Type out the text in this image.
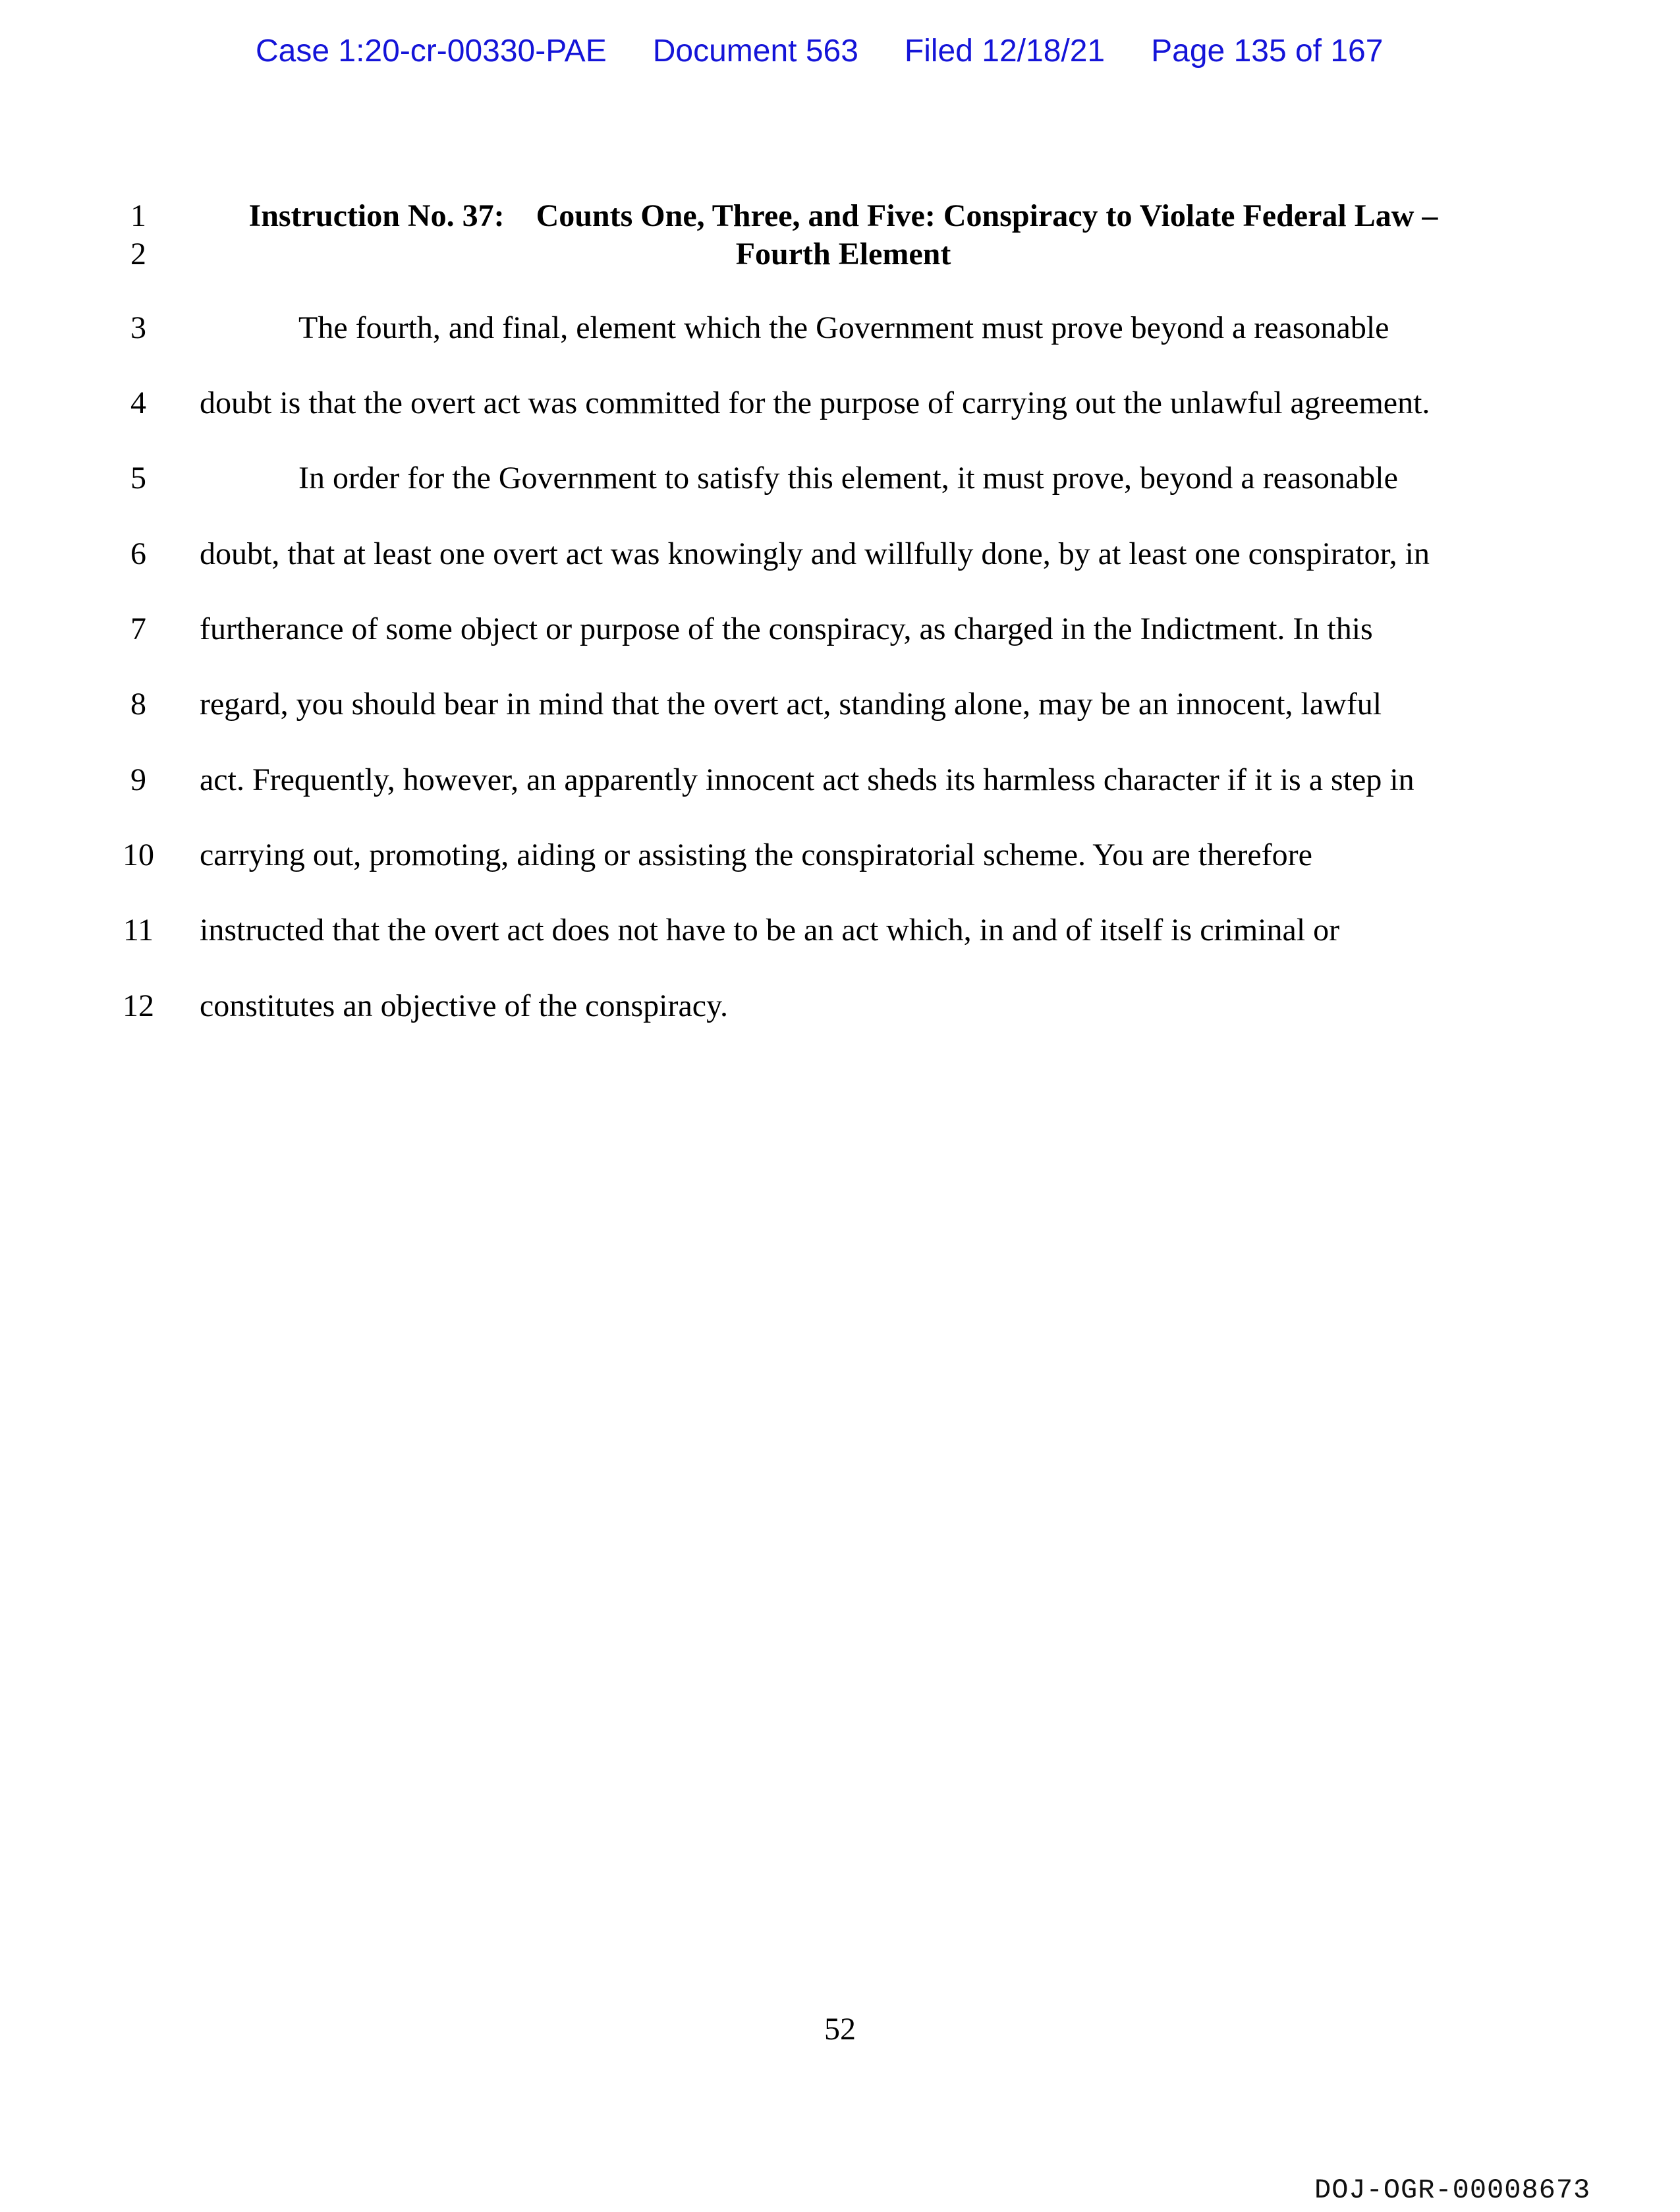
Case 1:20-cr-00330-PAE Document 563 Filed 12/18/21 Page 135 of 167
1
2
3
4
5
6
7
8
9
10
11
12
Instruction No. 37: Counts One, Three, and Five: Conspiracy to Violate Federal Law –
Fourth Element
The fourth, and final, element which the Government must prove beyond a reasonable
doubt is that the overt act was committed for the purpose of carrying out the unlawful agreement.
In order for the Government to satisfy this element, it must prove, beyond a reasonable
doubt, that at least one overt act was knowingly and willfully done, by at least one conspirator, in
furtherance of some object or purpose of the conspiracy, as charged in the Indictment. In this
regard, you should bear in mind that the overt act, standing alone, may be an innocent, lawful
act. Frequently, however, an apparently innocent act sheds its harmless character if it is a step in
carrying out, promoting, aiding or assisting the conspiratorial scheme. You are therefore
instructed that the overt act does not have to be an act which, in and of itself is criminal or
constitutes an objective of the conspiracy.
52
DOJ-OGR-00008673
